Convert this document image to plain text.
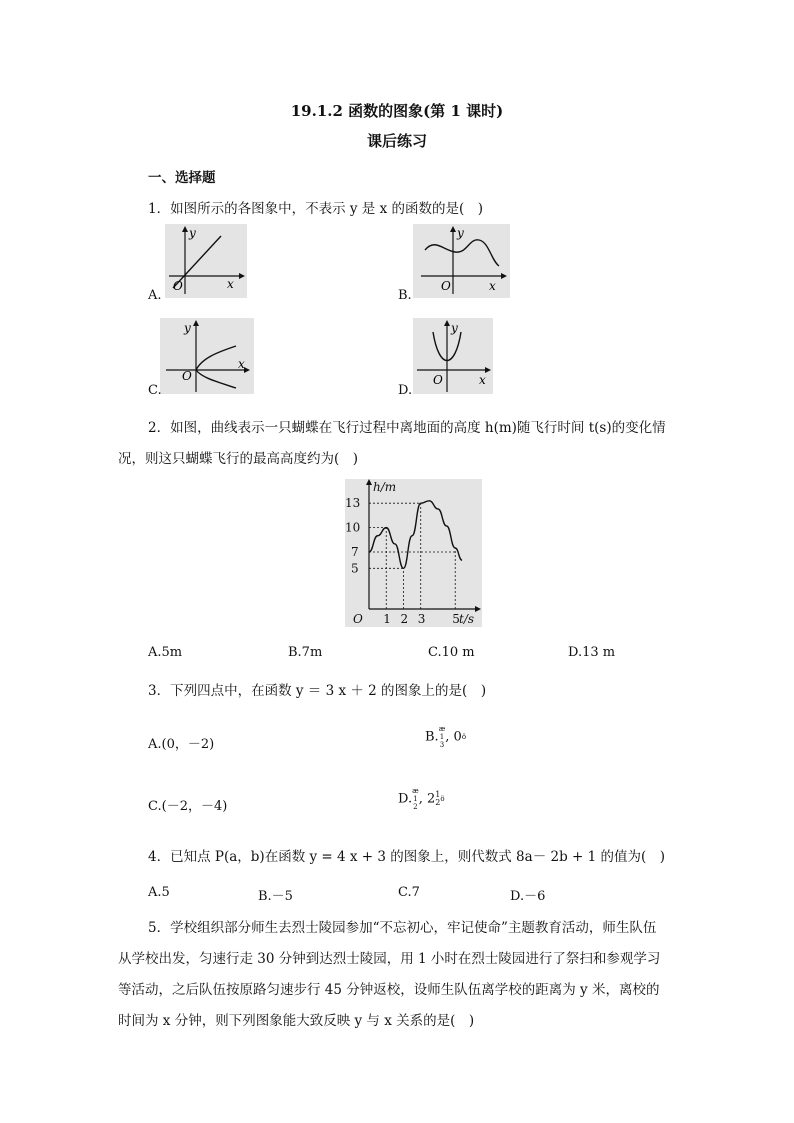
19.1.2 函数的图象(第 1 课时)
课后练习
一、选择题
1．如图所示的各图象中，不表示 y 是 x 的函数的是(　)
y
x
O
A.
y
x
O
B.
y
x
O
C.
y
x
O
D.
2．如图，曲线表示一只蝴蝶在飞行过程中离地面的高度 h(m)随飞行时间 t(s)的变化情
况，则这只蝴蝶飞行的最高高度约为(　)
1 2 3 5
5
7
10
13
O
h/m
t/s
A.5m	B.7m	C.10 m	D.13 m
3．下列四点中，在函数 y ＝ 3 x ＋ 2 的图象上的是(　)
A.(0，－2)	B.æ
1
3, 0ö
C.(－2，－4)	D.æ
1
2, 21
2ö
4．已知点 P(a，b)在函数 y = 4 x + 3 的图象上，则代数式 8a－ 2b + 1 的值为(　)
A.5	B.－5	C.7	D.－6
5．学校组织部分师生去烈士陵园参加“不忘初心，牢记使命”主题教育活动，师生队伍
从学校出发，匀速行走 30 分钟到达烈士陵园，用 1 小时在烈士陵园进行了祭扫和参观学习
等活动，之后队伍按原路匀速步行 45 分钟返校，设师生队伍离学校的距离为 y 米，离校的
时间为 x 分钟，则下列图象能大致反映 y 与 x 关系的是(　)
